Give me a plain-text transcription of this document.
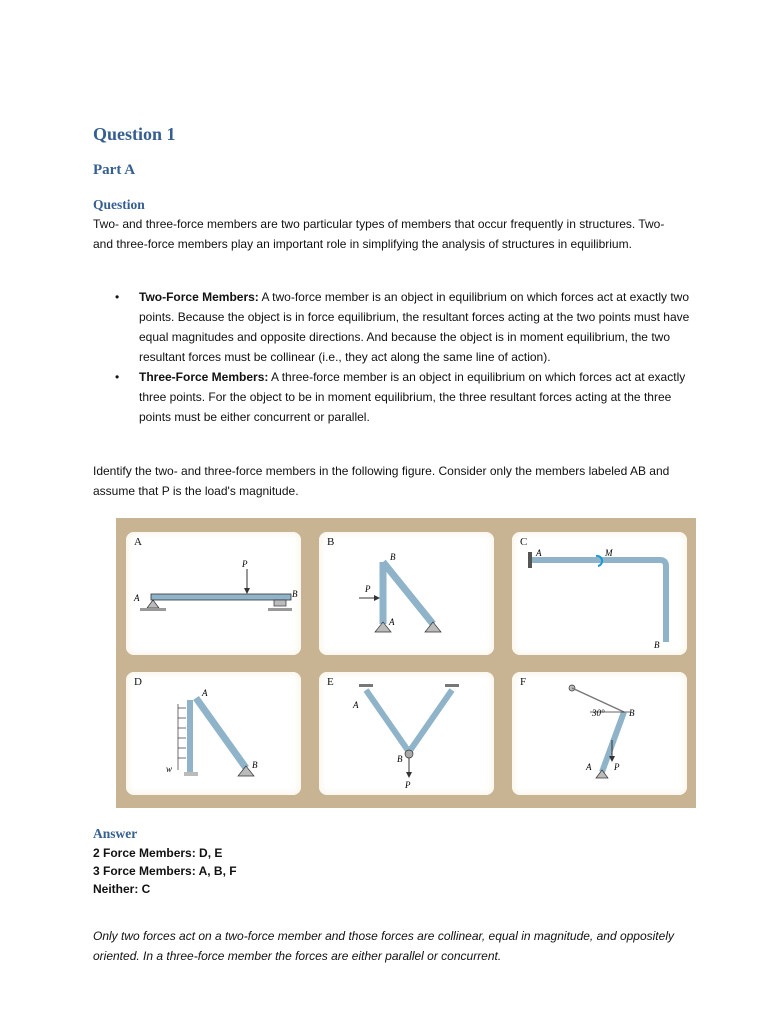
Question 1
Part A
Question

Two- and three-force members are two particular types of members that occur frequently in structures. Two- and three-force members play an important role in simplifying the analysis of structures in equilibrium.

• Two-Force Members: A two-force member is an object in equilibrium on which forces act at exactly two points. Because the object is in force equilibrium, the resultant forces acting at the two points must have equal magnitudes and opposite directions. And because the object is in moment equilibrium, the two resultant forces must be collinear (i.e., they act along the same line of action).
• Three-Force Members: A three-force member is an object in equilibrium on which forces act at exactly three points. For the object to be in moment equilibrium, the three resultant forces acting at the three points must be either concurrent or parallel.

Identify the two- and three-force members in the following figure. Consider only the members labeled AB and assume that P is the load's magnitude.

A
P
A	B
B
P
B
A
C
M
A
B
D
A
B
w
E
A
B
P
F
30°	B
A	P
Answer
2 Force Members: D, E
3 Force Members: A, B, F
Neither: C

Only two forces act on a two-force member and those forces are collinear, equal in magnitude, and oppositely oriented. In a three-force member the forces are either parallel or concurrent.
